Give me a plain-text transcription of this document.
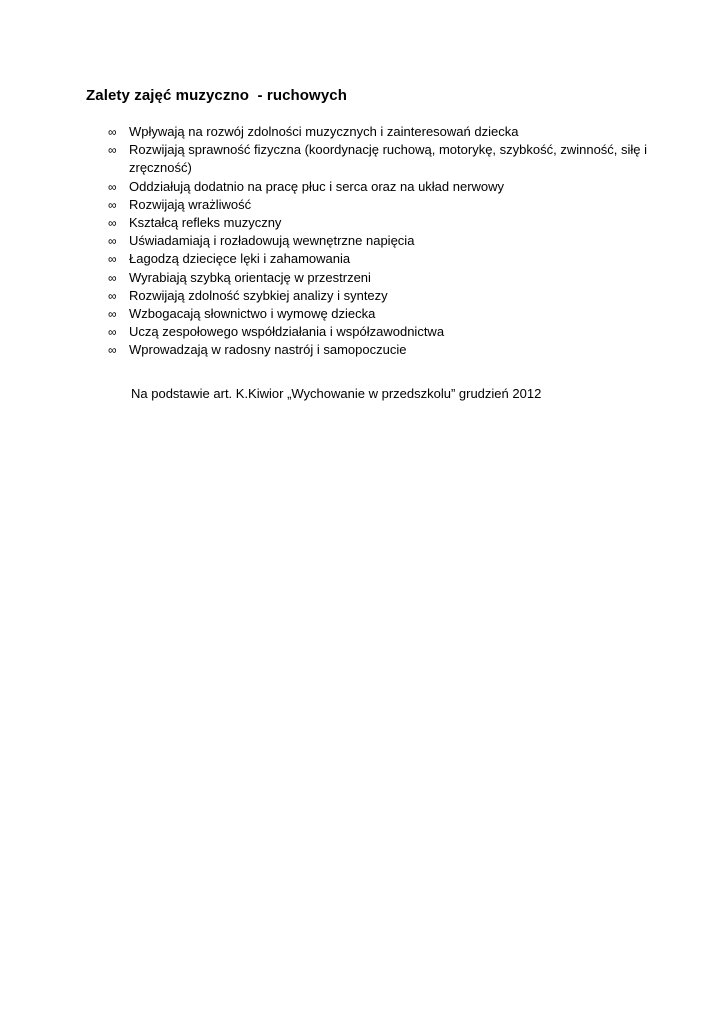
Zalety zajęć muzyczno  - ruchowych
∞ Wpływają na rozwój zdolności muzycznych i zainteresowań dziecka
∞ Rozwijają sprawność fizyczna (koordynację ruchową, motorykę, szybkość, zwinność, siłę i zręczność)
∞ Oddziałują dodatnio na pracę płuc i serca oraz na układ nerwowy
∞ Rozwijają wrażliwość
∞ Kształcą refleks muzyczny
∞ Uświadamiają i rozładowują wewnętrzne napięcia
∞ Łagodzą dziecięce lęki i zahamowania
∞ Wyrabiają szybką orientację w przestrzeni
∞ Rozwijają zdolność szybkiej analizy i syntezy
∞ Wzbogacają słownictwo i wymowę dziecka
∞ Uczą zespołowego współdziałania i współzawodnictwa
∞ Wprowadzają w radosny nastrój i samopoczucie
Na podstawie art. K.Kiwior „Wychowanie w przedszkolu” grudzień 2012
